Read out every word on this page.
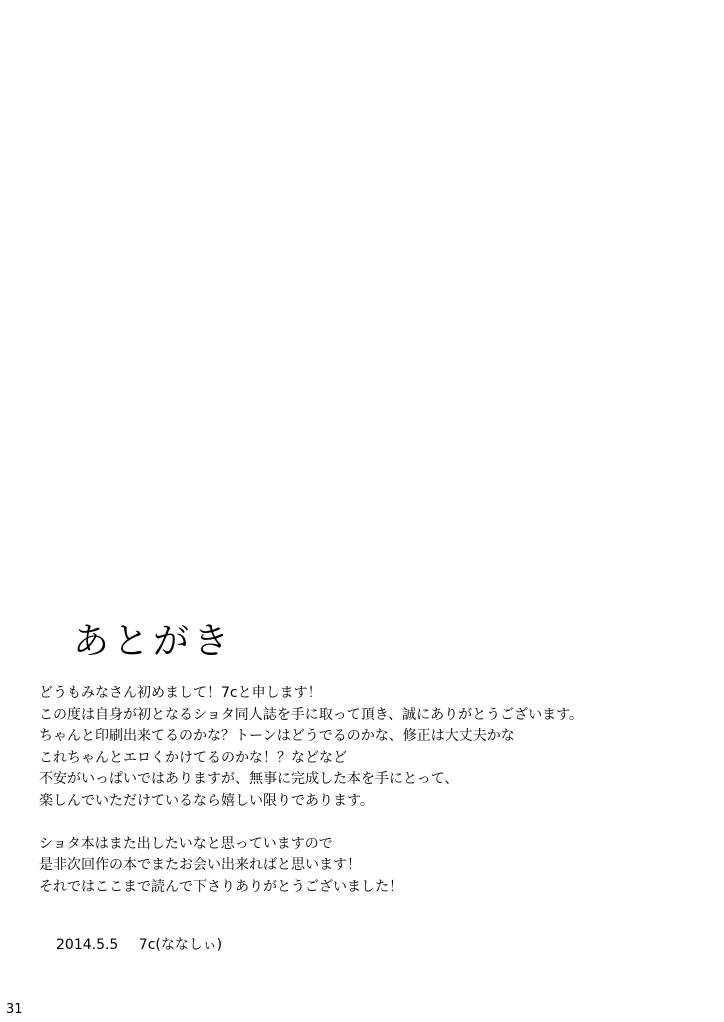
あとがき
どうもみなさん初めまして！7cと申します！
この度は自身が初となるショタ同人誌を手に取って頂き、誠にありがとうございます。
ちゃんと印刷出来てるのかな？トーンはどうでるのかな、修正は大丈夫かな
これちゃんとエロくかけてるのかな！？などなど
不安がいっぱいではありますが、無事に完成した本を手にとって、
楽しんでいただけているなら嬉しい限りであります。
ショタ本はまた出したいなと思っていますので
是非次回作の本でまたお会い出来ればと思います！
それではここまで読んで下さりありがとうございました！
2014.5.5 7c(ななしぃ)
31
